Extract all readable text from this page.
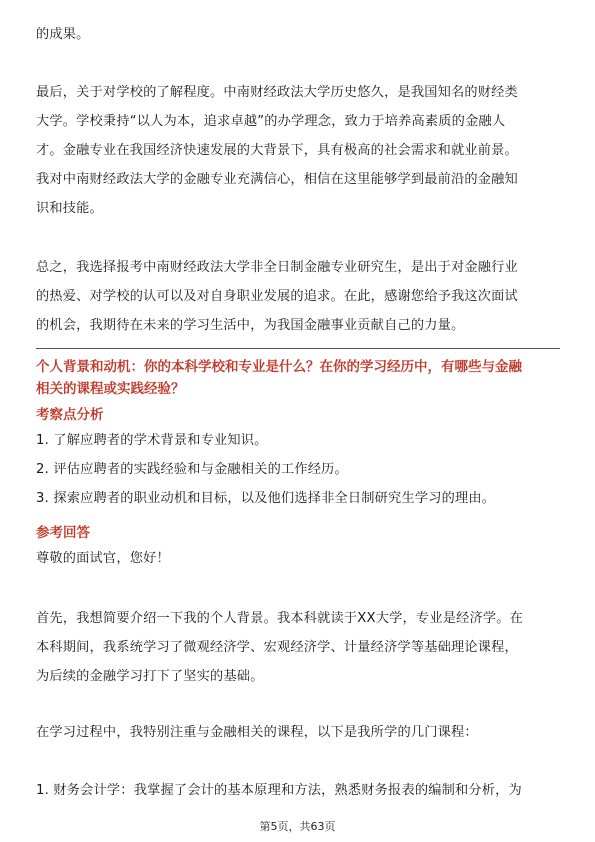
的成果。

最后，关于对学校的了解程度。中南财经政法大学历史悠久，是我国知名的财经类

大学。学校秉持“以人为本，追求卓越”的办学理念，致力于培养高素质的金融人

才。金融专业在我国经济快速发展的大背景下，具有极高的社会需求和就业前景。

我对中南财经政法大学的金融专业充满信心，相信在这里能够学到最前沿的金融知

识和技能。

总之，我选择报考中南财经政法大学非全日制金融专业研究生，是出于对金融行业

的热爱、对学校的认可以及对自身职业发展的追求。在此，感谢您给予我这次面试

的机会，我期待在未来的学习生活中，为我国金融事业贡献自己的力量。

个人背景和动机：你的本科学校和专业是什么？在你的学习经历中，有哪些与金融
相关的课程或实践经验？
考察点分析

1. 了解应聘者的学术背景和专业知识。

2. 评估应聘者的实践经验和与金融相关的工作经历。

3. 探索应聘者的职业动机和目标，以及他们选择非全日制研究生学习的理由。

参考回答

尊敬的面试官，您好！

首先，我想简要介绍一下我的个人背景。我本科就读于XX大学，专业是经济学。在

本科期间，我系统学习了微观经济学、宏观经济学、计量经济学等基础理论课程，

为后续的金融学习打下了坚实的基础。

在学习过程中，我特别注重与金融相关的课程，以下是我所学的几门课程：

1. 财务会计学：我掌握了会计的基本原理和方法，熟悉财务报表的编制和分析，为

第5页，共63页
